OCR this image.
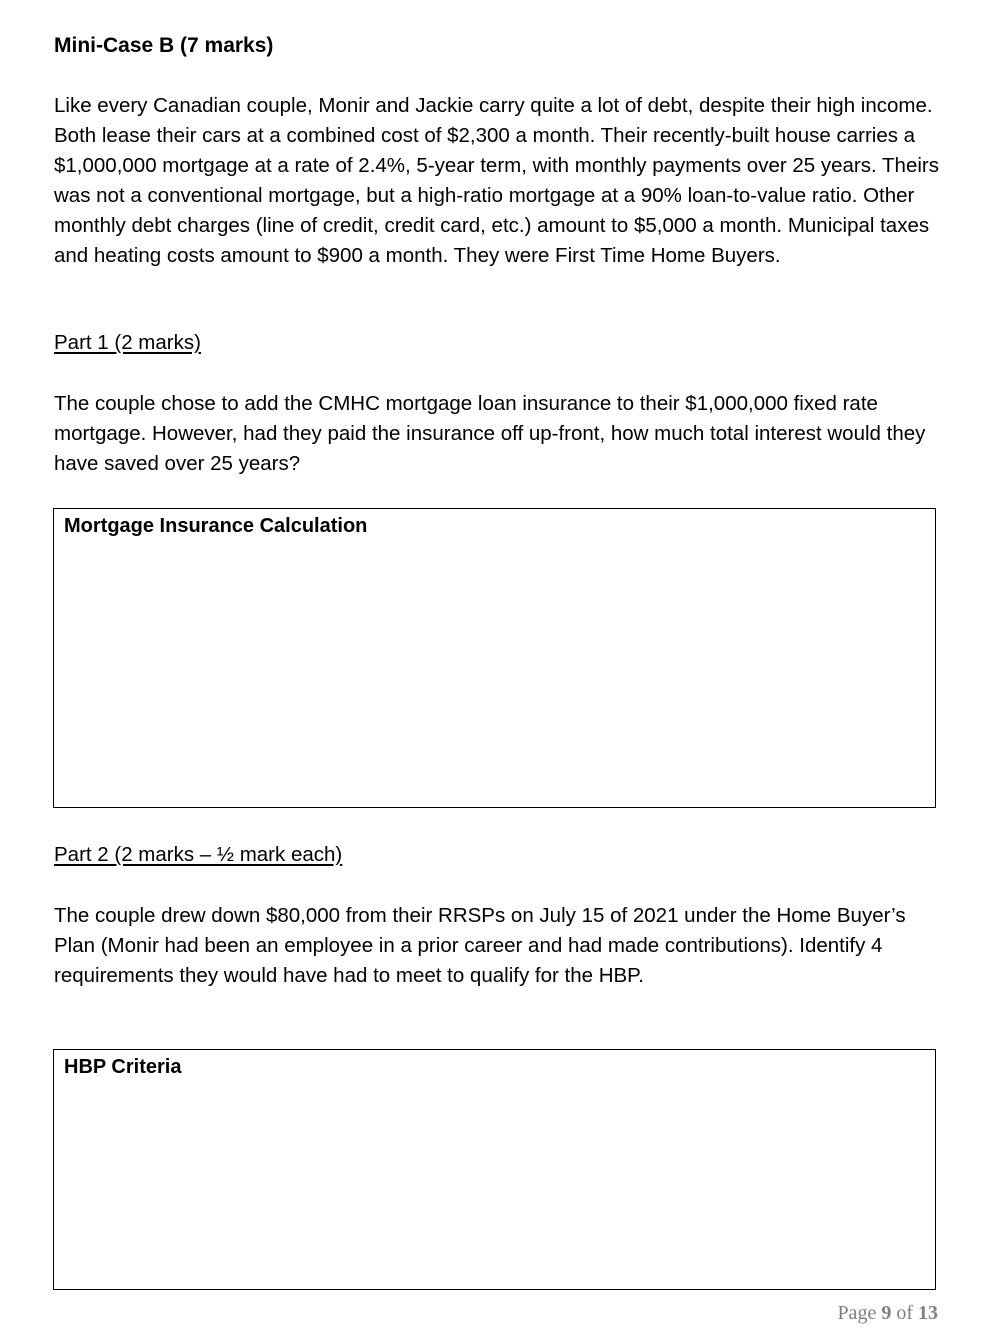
Mini-Case B (7 marks)

Like every Canadian couple, Monir and Jackie carry quite a lot of debt, despite their high income. Both lease their cars at a combined cost of $2,300 a month. Their recently-built house carries a $1,000,000 mortgage at a rate of 2.4%, 5-year term, with monthly payments over 25 years. Theirs was not a conventional mortgage, but a high-ratio mortgage at a 90% loan-to-value ratio. Other monthly debt charges (line of credit, credit card, etc.) amount to $5,000 a month. Municipal taxes and heating costs amount to $900 a month. They were First Time Home Buyers.

Part 1 (2 marks)

The couple chose to add the CMHC mortgage loan insurance to their $1,000,000 fixed rate mortgage. However, had they paid the insurance off up-front, how much total interest would they have saved over 25 years?

Mortgage Insurance Calculation

Part 2 (2 marks – ½ mark each)

The couple drew down $80,000 from their RRSPs on July 15 of 2021 under the Home Buyer’s Plan (Monir had been an employee in a prior career and had made contributions). Identify 4 requirements they would have had to meet to qualify for the HBP.

HBP Criteria
Page 9 of 13
